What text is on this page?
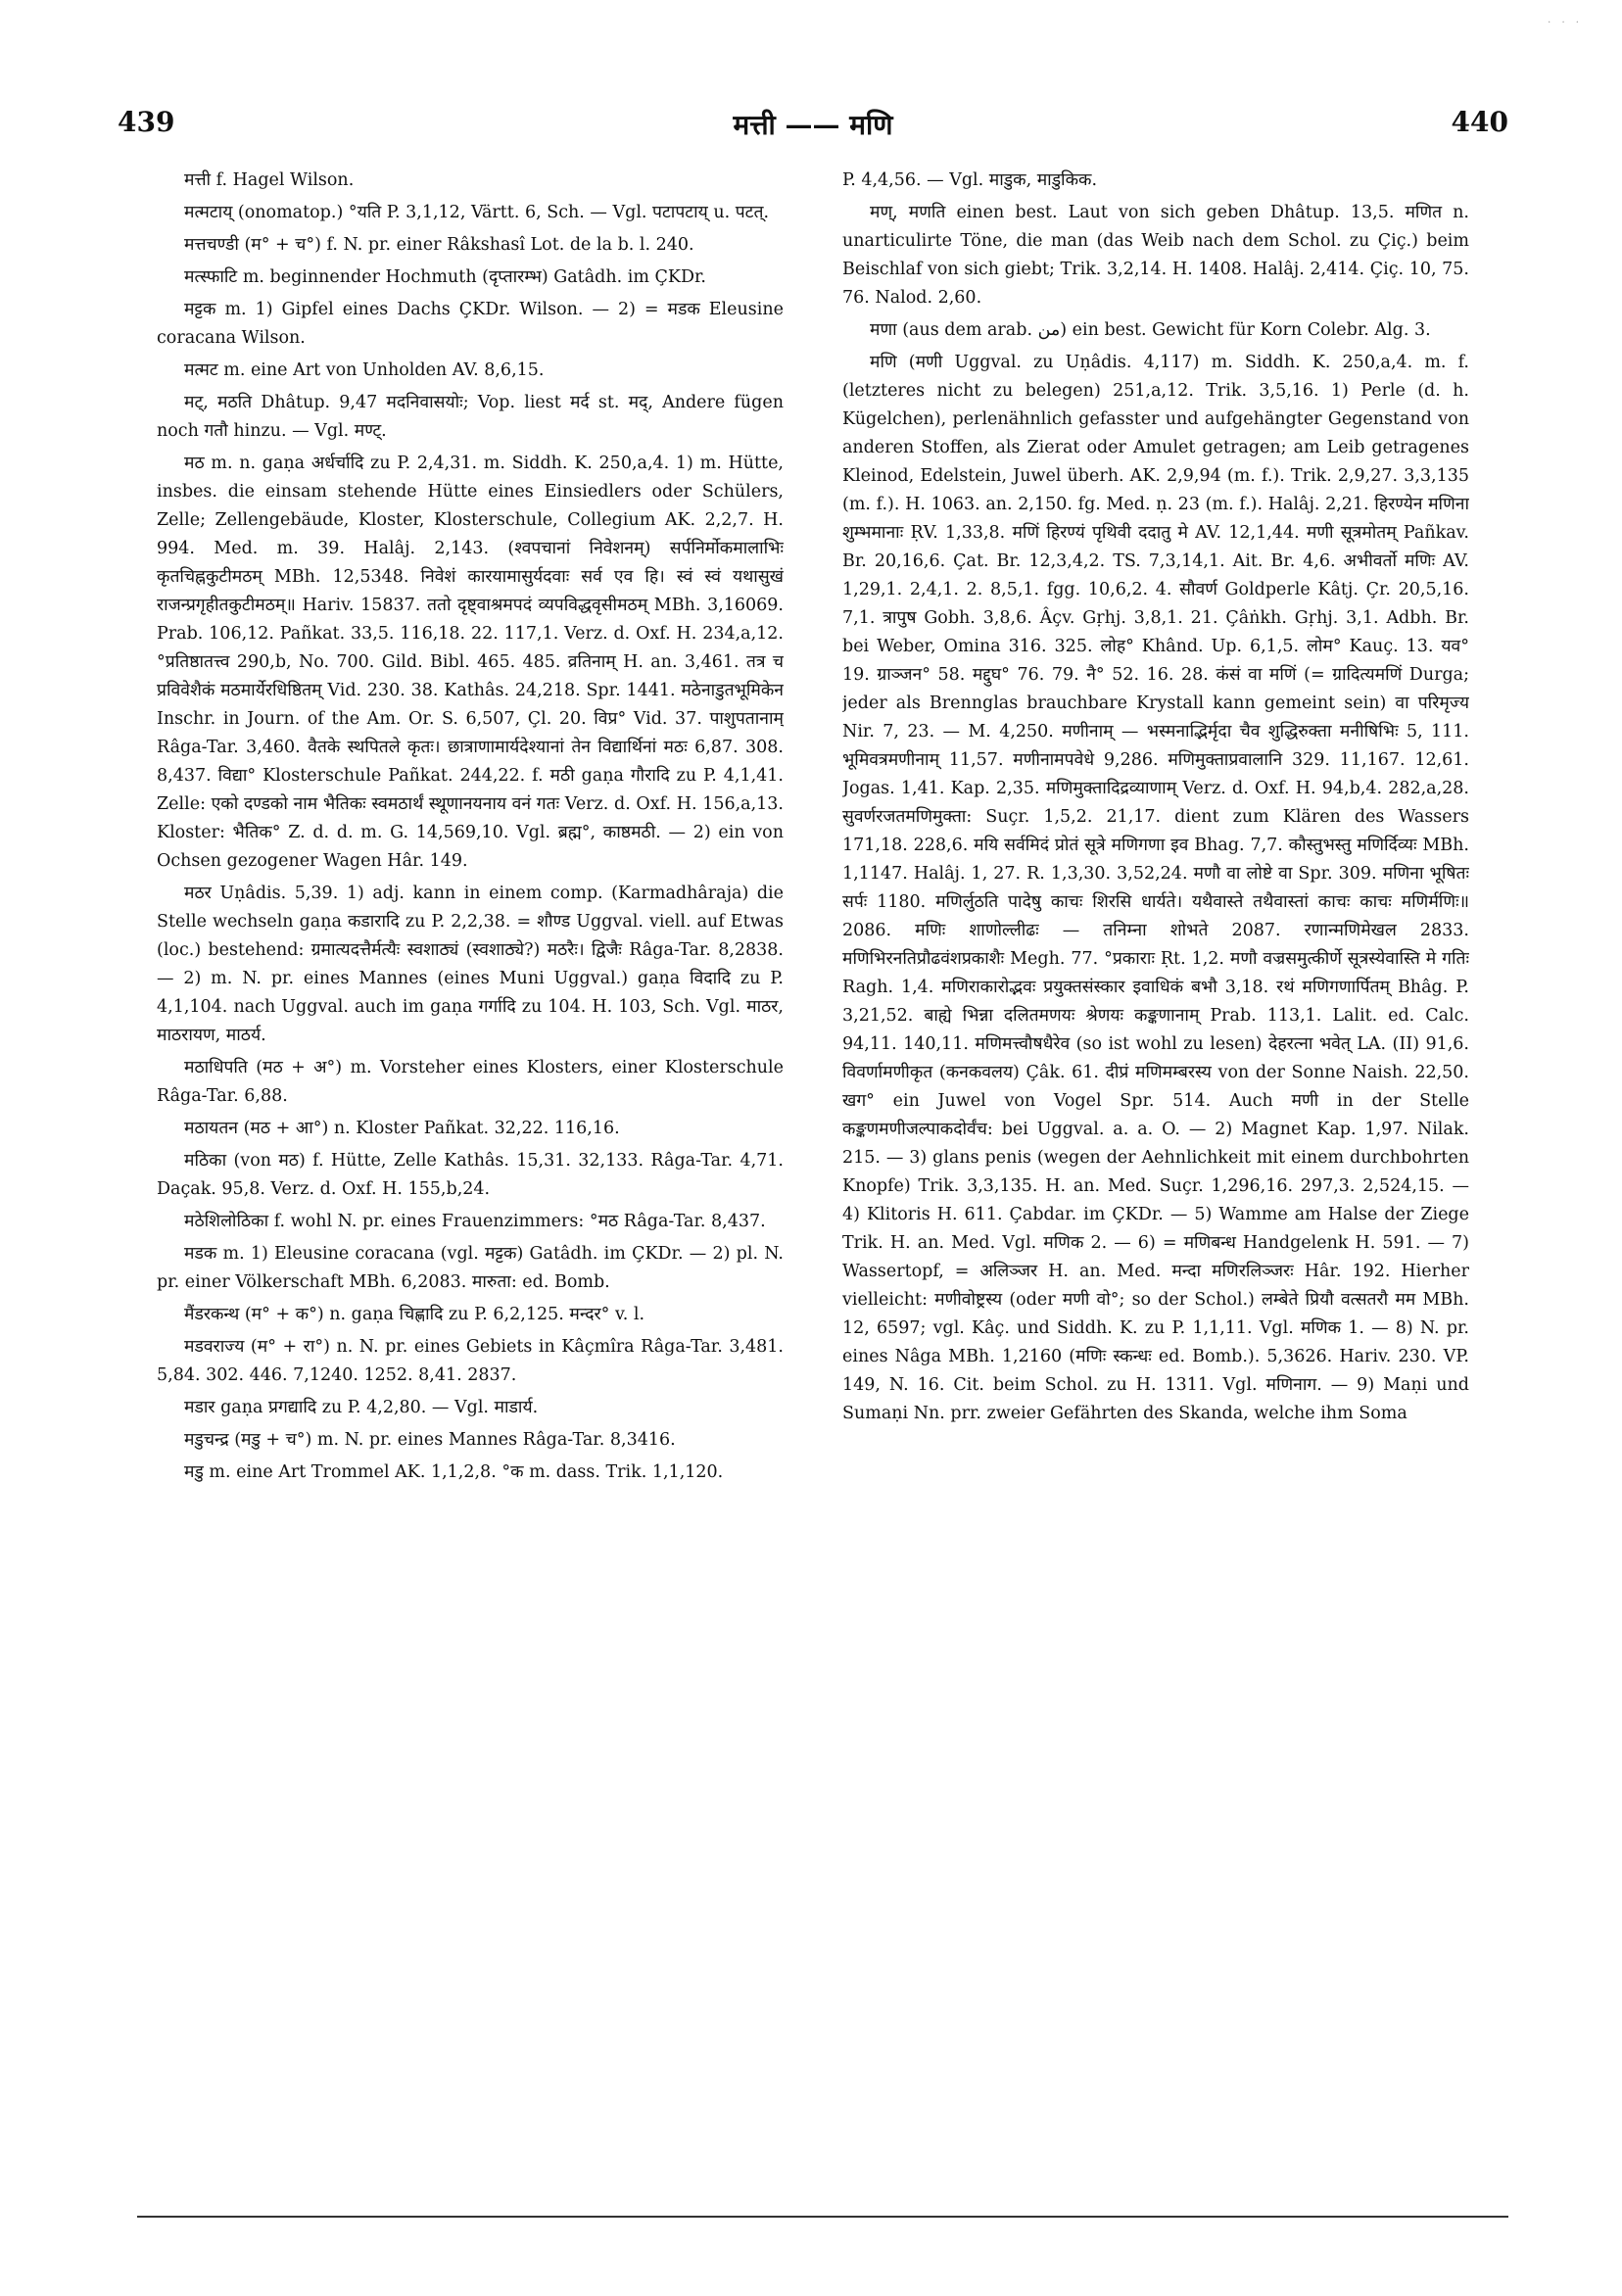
· · ·
439	मत्ती —— मणि	440

मत्ती f. Hagel Wilson.

मत्मटाय् (onomatop.) °यति P. 3,1,12, Värtt. 6, Sch. — Vgl. पटापटाय् u. पटत्.

मत्तचण्डी (म° + च°) f. N. pr. einer Râkshasî Lot. de la b. l. 240.

मत्स्फाटि m. beginnender Hochmuth (दृप्तारम्भ) Gatâdh. im ÇKDr.

मट्टक m. 1) Gipfel eines Dachs ÇKDr. Wilson. — 2) = मडक Eleusine coracana Wilson.

मत्मट m. eine Art von Unholden AV. 8,6,15.

मट्, मठति Dhâtup. 9,47 मदनिवासयोः; Vop. liest मर्द st. मद्, Andere fügen noch गतौ hinzu. — Vgl. मण्ट्.

मठ m. n. gaṇa अर्धर्चादि zu P. 2,4,31. m. Siddh. K. 250,a,4. 1) m. Hütte, insbes. die einsam stehende Hütte eines Einsiedlers oder Schülers, Zelle; Zellengebäude, Kloster, Klosterschule, Collegium AK. 2,2,7. H. 994. Med. m. 39. Halâj. 2,143. (श्वपचानां निवेशनम्) सर्पनिर्मोकमालाभिः कृतचिह्नकुटीमठम् MBh. 12,5348. निवेशं कारयामासुर्यदवाः सर्व एव हि। स्वं स्वं यथासुखं राजन्प्रगृहीतकुटीमठम्॥ Hariv. 15837. ततो दृष्ट्वाश्रमपदं व्यपविद्धवृसीमठम् MBh. 3,16069. Prab. 106,12. Pañkat. 33,5. 116,18. 22. 117,1. Verz. d. Oxf. H. 234,a,12. °प्रतिष्ठातत्त्व 290,b, No. 700. Gild. Bibl. 465. 485. व्रतिनाम् H. an. 3,461. तत्र च प्रविवेशैकं मठमार्येरधिष्ठितम् Vid. 230. 38. Kathâs. 24,218. Spr. 1441. मठेनाडुतभूमिकेन Inschr. in Journ. of the Am. Or. S. 6,507, Çl. 20. विप्र° Vid. 37. पाशुपतानाम् Râga-Tar. 3,460. वैतके स्थपितले कृतः। छात्राणामार्यदेश्यानां तेन विद्यार्थिनां मठः 6,87. 308. 8,437. विद्या° Klosterschule Pañkat. 244,22. f. मठी gaṇa गौरादि zu P. 4,1,41. Zelle: एको दण्डको नाम भैतिकः स्वमठार्थं स्थूणानयनाय वनं गतः Verz. d. Oxf. H. 156,a,13. Kloster: भैतिक° Z. d. d. m. G. 14,569,10. Vgl. ब्रह्म°, काष्ठमठी. — 2) ein von Ochsen gezogener Wagen Hâr. 149.

मठर Uṇâdis. 5,39. 1) adj. kann in einem comp. (Karmadhâraja) die Stelle wechseln gaṇa कडारादि zu P. 2,2,38. = शौण्ड Uggval. viell. auf Etwas (loc.) bestehend: ग्रमात्यदत्तैर्मत्यैः स्वशाठ्यं (स्वशाठ्ये?) मठरैः। द्विजैः Râga-Tar. 8,2838. — 2) m. N. pr. eines Mannes (eines Muni Uggval.) gaṇa विदादि zu P. 4,1,104. nach Uggval. auch im gaṇa गर्गादि zu 104. H. 103, Sch. Vgl. माठर, माठरायण, माठर्य.

मठाधिपति (मठ + अ°) m. Vorsteher eines Klosters, einer Klosterschule Râga-Tar. 6,88.

मठायतन (मठ + आ°) n. Kloster Pañkat. 32,22. 116,16.

मठिका (von मठ) f. Hütte, Zelle Kathâs. 15,31. 32,133. Râga-Tar. 4,71. Daçak. 95,8. Verz. d. Oxf. H. 155,b,24.

मठेशिलोठिका f. wohl N. pr. eines Frauenzimmers: °मठ Râga-Tar. 8,437.

मडक m. 1) Eleusine coracana (vgl. मट्टक) Gatâdh. im ÇKDr. — 2) pl. N. pr. einer Völkerschaft MBh. 6,2083. मारुता: ed. Bomb.

मैंडरकन्थ (म° + क°) n. gaṇa चिह्णादि zu P. 6,2,125. मन्दर° v. l.

मडवराज्य (म° + रा°) n. N. pr. eines Gebiets in Kâçmîra Râga-Tar. 3,481. 5,84. 302. 446. 7,1240. 1252. 8,41. 2837.

मडार gaṇa प्रगद्यादि zu P. 4,2,80. — Vgl. माडार्य.

मडुचन्द्र (मडु + च°) m. N. pr. eines Mannes Râga-Tar. 8,3416.

मडु m. eine Art Trommel AK. 1,1,2,8. °क m. dass. Trik. 1,1,120.

P. 4,4,56. — Vgl. माडुक, माडुकिक.

मण्, मणति einen best. Laut von sich geben Dhâtup. 13,5. मणित n. unarticulirte Töne, die man (das Weib nach dem Schol. zu Çiç.) beim Beischlaf von sich giebt; Trik. 3,2,14. H. 1408. Halâj. 2,414. Çiç. 10, 75. 76. Nalod. 2,60.

मणा (aus dem arab. من) ein best. Gewicht für Korn Colebr. Alg. 3.

मणि (मणी Uggval. zu Uṇâdis. 4,117) m. Siddh. K. 250,a,4. m. f. (letzteres nicht zu belegen) 251,a,12. Trik. 3,5,16. 1) Perle (d. h. Kügelchen), perlenähnlich gefasster und aufgehängter Gegenstand von anderen Stoffen, als Zierat oder Amulet getragen; am Leib getragenes Kleinod, Edelstein, Juwel überh. AK. 2,9,94 (m. f.). Trik. 2,9,27. 3,3,135 (m. f.). H. 1063. an. 2,150. fg. Med. ṇ. 23 (m. f.). Halâj. 2,21. हिरण्येन मणिना शुम्भमानाः ṚV. 1,33,8. मणिं हिरण्यं पृथिवी ददातु मे AV. 12,1,44. मणी सूत्रमोतम् Pañkav. Br. 20,16,6. Çat. Br. 12,3,4,2. TS. 7,3,14,1. Ait. Br. 4,6. अभीवर्तो मणिः AV. 1,29,1. 2,4,1. 2. 8,5,1. fgg. 10,6,2. 4. सौवर्ण Goldperle Kâtj. Çr. 20,5,16. 7,1. त्रापुष Gobh. 3,8,6. Âçv. Gṛhj. 3,8,1. 21. Çâṅkh. Gṛhj. 3,1. Adbh. Br. bei Weber, Omina 316. 325. लोह° Khând. Up. 6,1,5. लोम° Kauç. 13. यव° 19. ग्राञ्जन° 58. मद्दुघ° 76. 79. नै° 52. 16. 28. कंसं वा मणिं (= ग्रादित्यमणिं Durga; jeder als Brennglas brauchbare Krystall kann gemeint sein) वा परिमृज्य Nir. 7, 23. — M. 4,250. मणीनाम् — भस्मनाद्भिर्मृदा चैव शुद्धिरुक्ता मनीषिभिः 5, 111. भूमिवत्रमणीनाम् 11,57. मणीनामपवेधे 9,286. मणिमुक्ताप्रवालानि 329. 11,167. 12,61. Jogas. 1,41. Kap. 2,35. मणिमुक्तादिद्रव्याणाम् Verz. d. Oxf. H. 94,b,4. 282,a,28. सुवर्णरजतमणिमुक्ता: Suçr. 1,5,2. 21,17. dient zum Klären des Wassers 171,18. 228,6. मयि सर्वमिदं प्रोतं सूत्रे मणिगणा इव Bhag. 7,7. कौस्तुभस्तु मणिर्दिव्यः MBh. 1,1147. Halâj. 1, 27. R. 1,3,30. 3,52,24. मणौ वा लोष्टे वा Spr. 309. मणिना भूषितः सर्पः 1180. मणिर्लुठति पादेषु काचः शिरसि धार्यते। यथैवास्ते तथैवास्तां काचः काचः मणिर्मणिः॥ 2086. मणिः शाणोल्लीढः — तनिम्ना शोभते 2087. रणान्मणिमेखल 2833. मणिभिरनतिप्रौढवंशप्रकाशैः Megh. 77. °प्रकाराः Ṛt. 1,2. मणौ वज्रसमुत्कीर्णे सूत्रस्येवास्ति मे गतिः Ragh. 1,4. मणिराकारोद्भवः प्रयुक्तसंस्कार इवाधिकं बभौ 3,18. रथं मणिगणार्पितम् Bhâg. P. 3,21,52. बाह्ये भिन्ना दलितमणयः श्रेणयः कङ्कणानाम् Prab. 113,1. Lalit. ed. Calc. 94,11. 140,11. मणिमत्त्वौषधैरेव (so ist wohl zu lesen) देहरत्ना भवेत् LA. (II) 91,6. विवर्णामणीकृत (कनकवलय) Çâk. 61. दीप्रं मणिमम्बरस्य von der Sonne Naish. 22,50. खग° ein Juwel von Vogel Spr. 514. Auch मणी in der Stelle कङ्कणमणीजल्पाकदोर्वंच: bei Uggval. a. a. O. — 2) Magnet Kap. 1,97. Nilak. 215. — 3) glans penis (wegen der Aehnlichkeit mit einem durchbohrten Knopfe) Trik. 3,3,135. H. an. Med. Suçr. 1,296,16. 297,3. 2,524,15. — 4) Klitoris H. 611. Çabdar. im ÇKDr. — 5) Wamme am Halse der Ziege Trik. H. an. Med. Vgl. मणिक 2. — 6) = मणिबन्ध Handgelenk H. 591. — 7) Wassertopf, = अलिञ्जर H. an. Med. मन्दा मणिरलिञ्जरः Hâr. 192. Hierher vielleicht: मणीवोष्ट्रस्य (oder मणी वो°; so der Schol.) लम्बेते प्रियौ वत्सतरौ मम MBh. 12, 6597; vgl. Kâç. und Siddh. K. zu P. 1,1,11. Vgl. मणिक 1. — 8) N. pr. eines Nâga MBh. 1,2160 (मणिः स्कन्धः ed. Bomb.). 5,3626. Hariv. 230. VP. 149, N. 16. Cit. beim Schol. zu H. 1311. Vgl. मणिनाग. — 9) Maṇi und Sumaṇi Nn. prr. zweier Gefährten des Skanda, welche ihm Soma
